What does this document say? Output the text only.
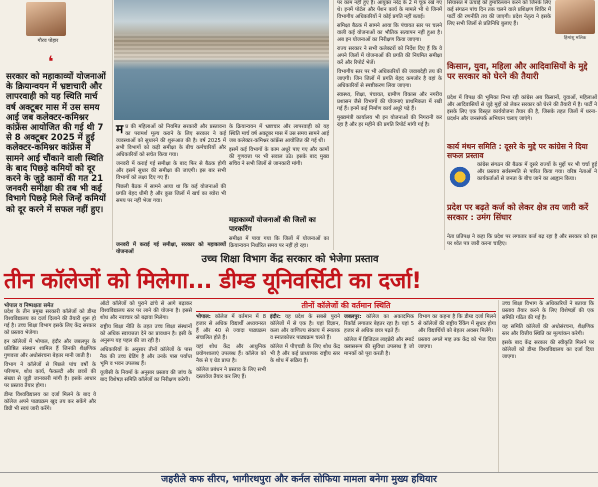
गौरव पोहार
❛
सरकार को महाकाव्यों योजनाओं के क्रियान्वयन में भ्रष्टाचारी और लापरवाही को यह स्थिति मार्च वर्ष अक्टूबर मास में उस समय आई जब कलेक्टर-कमिश्नर कांफ्रेंस आयोजित की गई थी 7 से 8 अक्टूबर 2025 में हुई कलेक्टर-कमिश्नर कांफ्रेंस में सामने आई चौंकाने वाली स्थिति के बाद पिछड़े कमियों को दूर करने के जुड़े कामों की गत 21 जनवरी समीक्षा की तब भी कई विभागे पिछड़े मिले जिन्हें कमियों को दूर करने में सफल नहीं हुए।
म प्र की महिलाओं को नियमित सरकारी और प्रस्तावना का परामर्श मूल्य कराने के लिए सरकार ने कई व्यवस्थाओं को सुधारने की शुरूआत की है। वर्ष 2025 में सभी विभागों को कड़ी समीक्षा के बीच कर्मचारियों और अधिकारियों को सचेत किया गया।

जनवरी में कराई गई समीक्षा के बाद फिर से बैठक होगी और इसमें सुधार की समीक्षा की जाएगी। इस बार सभी विभागों को लक्ष्य दिए गए हैं।

पिछली बैठक में सामने आया था कि कई योजनाओं की प्रगति बेहद धीमी है और कुछ जिलों में खर्च का ब्योरा भी समय पर नहीं भेजा गया।

के क्रियान्वयन में भ्रष्टाचार और लापरवाही को यह स्थिति मार्च वर्ष अक्टूबर मास में उस समय सामने आई जब कलेक्टर-कमिश्नर कांफ्रेंस आयोजित की गई थी।

इसमें कई विभागों के काम अधूरे पाए गए और कामों की गुणवत्ता पर भी सवाल उठे। इसके बाद मुख्य सचिव ने सभी जिलों से जानकारी मांगी।

महाकाव्यों योजनाओं की जिलों का पारकरिंग

समीक्षा में पाया गया कि जिलों में योजनाओं का क्रियान्वयन निर्धारित समय पर नहीं हो रहा।

जनवरी में कराई गई समीक्षा, सरकार को महाकाव्यों योजनाओं

पर काम नहीं हुए हैं। आयुक्त नरेंद्र के 2 में चूक रखे गए थे। इनमें पोर्टल और पेंशन कार्य के मामले भी थे जिनमें विभागीय अधिकारियों ने कोई प्रगति नहीं बताई।

समिक्षा बैठक में सामने आया कि पंचायत स्तर पर चलने वाली कई योजनाओं का भौतिक सत्यापन नहीं हुआ है। अब इन योजनाओं का निरीक्षण किया जाएगा।

राज्य सरकार ने सभी कलेक्टरों को निर्देश दिए हैं कि वे अपने जिलों में योजनाओं की प्रगति की नियमित समीक्षा करें और रिपोर्ट भेजें।

विभागीय स्तर पर भी अधिकारियों की जवाबदेही तय की जाएगी। जिन जिलों में प्रगति बेहद कमजोर है वहां के अधिकारियों से स्पष्टीकरण लिया जाएगा।

स्वास्थ्य, शिक्षा, पंचायत, ग्रामीण विकास और नगरीय प्रशासन जैसे विभागों की योजनाएं प्राथमिकता में रखी गई हैं। इनमें कई निर्माण कार्य अधूरे पड़े हैं।

मुख्यमंत्री कार्यालय भी इन योजनाओं की निगरानी कर रहा है और हर महीने की प्रगति रिपोर्ट मांगी गई है।

सियासत में ऊंचाई को हुमारिल्लान करने को जिनके लिए कई संगठन पांच दिन तक चलने वाले प्रशिक्षण शिविर में पार्टी की रणनीति तय की जाएगी। प्रदेश नेतृत्व ने इसके लिए सभी जिलों से प्रतिनिधि बुलाए हैं।

हिमांशु मलिक
किसान, युवा, महिला और आदिवासियों के मुद्दे पर सरकार को घेरने की तैयारी

प्रदेश में विपक्ष की भूमिका निभा रही कांग्रेस अब किसानों, युवाओं, महिलाओं और आदिवासियों से जुड़े मुद्दों को लेकर सरकार को घेरने की तैयारी में है। पार्टी ने इसके लिए एक विस्तृत कार्ययोजना तैयार की है, जिसके तहत जिलों में धरना-प्रदर्शन और जनसंपर्क अभियान चलाए जाएंगे।

कार्य मंथन समिति : दूसरे के मुद्दे पर कांग्रेस ने दिया सफल प्रस्ताव

कांग्रेस संगठन की बैठक में दूसरे राज्यों के मुद्दों पर भी चर्चा हुई और प्रस्ताव सर्वसम्मति से पारित किया गया। वरिष्ठ नेताओं ने कार्यकर्ताओं से जनता के बीच जाने का आह्वान किया।

प्रदेश पर बढ़ते कर्ज को लेकर क्षेत्र तय जारी करें सरकार : उमंग सिंघार

नेता प्रतिपक्ष ने कहा कि प्रदेश पर लगातार कर्ज बढ़ रहा है और सरकार को इस पर श्वेत पत्र जारी करना चाहिए।

उच्च शिक्षा विभाग केंद्र सरकार को भेजेगा प्रस्ताव
तीन कॉलेजों को मिलेगा... डीम्ड यूनिवर्सिटी का दर्जा!
भोपाल व निष्पक्षता समेत

प्रदेश के तीन प्रमुख सरकारी कॉलेजों को डीम्ड विश्वविद्यालय का दर्जा दिलाने की तैयारी शुरू हो गई है। उच्च शिक्षा विभाग इसके लिए केंद्र सरकार को प्रस्ताव भेजेगा।

इन कॉलेजों में भोपाल, इंदौर और जबलपुर के प्रतिष्ठित संस्थान शामिल हैं जिनकी शैक्षणिक गुणवत्ता और अधोसंरचना बेहतर मानी जाती है।

विभाग ने कॉलेजों से पिछले पांच वर्षों के परिणाम, शोध कार्य, फैकल्टी और छात्रों की संख्या से जुड़ी जानकारी मांगी है। इसके आधार पर प्रस्ताव तैयार होगा।

डीम्ड विश्वविद्यालय का दर्जा मिलने के बाद ये कॉलेज अपने पाठ्यक्रम खुद तय कर सकेंगे और डिग्री भी स्वयं जारी करेंगे।

ऑटो कॉलेजों को पुराने ढांचे से आगे बढ़ाकर विश्वविद्यालय स्तर पर लाने की योजना है। इससे शोध और नवाचार को बढ़ावा मिलेगा।

राष्ट्रीय शिक्षा नीति के तहत उच्च शिक्षा संस्थानों को अधिक स्वायत्तता देने का प्रावधान है। इसी के अनुरूप यह पहल की जा रही है।

अधिकारियों के अनुसार तीनों कॉलेजों के पास नैक की उच्च ग्रेडिंग है और उनके पास पर्याप्त भूमि व भवन उपलब्ध हैं।

यूजीसी के नियमों के अनुसार प्रस्ताव की जांच के बाद विशेषज्ञ समिति कॉलेजों का निरीक्षण करेगी।

तीनों कॉलेजों की वर्तमान स्थिति

भोपाल: कॉलेज में वर्तमान में 8 हजार से अधिक विद्यार्थी अध्ययनरत हैं और 40 से ज्यादा पाठ्यक्रम संचालित होते हैं।

यहां शोध केंद्र और आधुनिक प्रयोगशालाएं उपलब्ध हैं। कॉलेज को नैक से ए ग्रेड प्राप्त है।

कॉलेज प्रबंधन ने प्रस्ताव के लिए सभी दस्तावेज तैयार कर लिए हैं।

इंदौर: यह प्रदेश के सबसे पुराने कॉलेजों में से एक है। यहां विज्ञान, कला और वाणिज्य संकाय में स्नातक व स्नातकोत्तर पाठ्यक्रम चलते हैं।

कॉलेज में पीएचडी के लिए शोध केंद्र भी है और कई प्राध्यापक राष्ट्रीय स्तर के शोध में सक्रिय हैं।

जबलपुर: कॉलेज का अकादमिक रिकॉर्ड लगातार बेहतर रहा है। यहां 5 हजार से अधिक छात्र पढ़ते हैं।

कॉलेज में डिजिटल लाइब्रेरी और स्मार्ट क्लासरूम की सुविधा उपलब्ध है जो मानकों को पूरा करती है।

विभाग का कहना है कि डीम्ड दर्जा मिलने से कॉलेजों की राष्ट्रीय रैंकिंग में सुधार होगा और विद्यार्थियों को बेहतर अवसर मिलेंगे।

प्रस्ताव अगले माह तक केंद्र को भेज दिया जाएगा।

उच्च शिक्षा विभाग के अधिकारियों ने बताया कि प्रस्ताव तैयार करने के लिए विशेषज्ञों की एक समिति गठित की गई है।

यह समिति कॉलेजों की अधोसंरचना, शैक्षणिक स्तर और वित्तीय स्थिति का मूल्यांकन करेगी।

इसके बाद केंद्र सरकार की स्वीकृति मिलने पर कॉलेजों को डीम्ड विश्वविद्यालय का दर्जा दिया जाएगा।

जहरीले कफ सीरप, भागीरथपुरा और कर्नल सोफिया मामला बनेगा मुख्य हथियार
